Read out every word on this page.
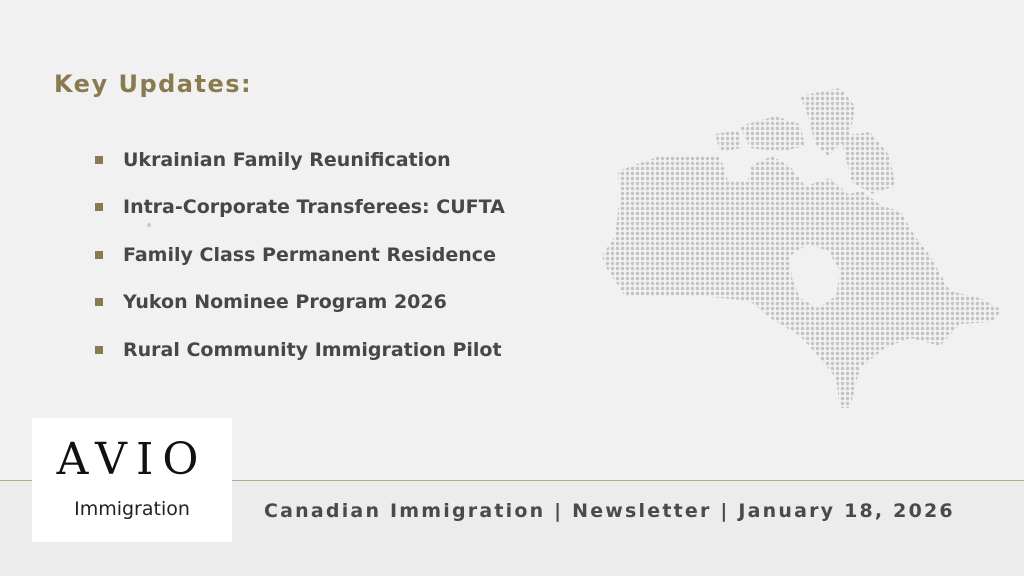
Key Updates:
Ukrainian Family Reunification
Intra-Corporate Transferees: CUFTA
Family Class Permanent Residence
Yukon Nominee Program 2026
Rural Community Immigration Pilot
AVIO
Immigration	Canadian Immigration | Newsletter | January 18, 2026
